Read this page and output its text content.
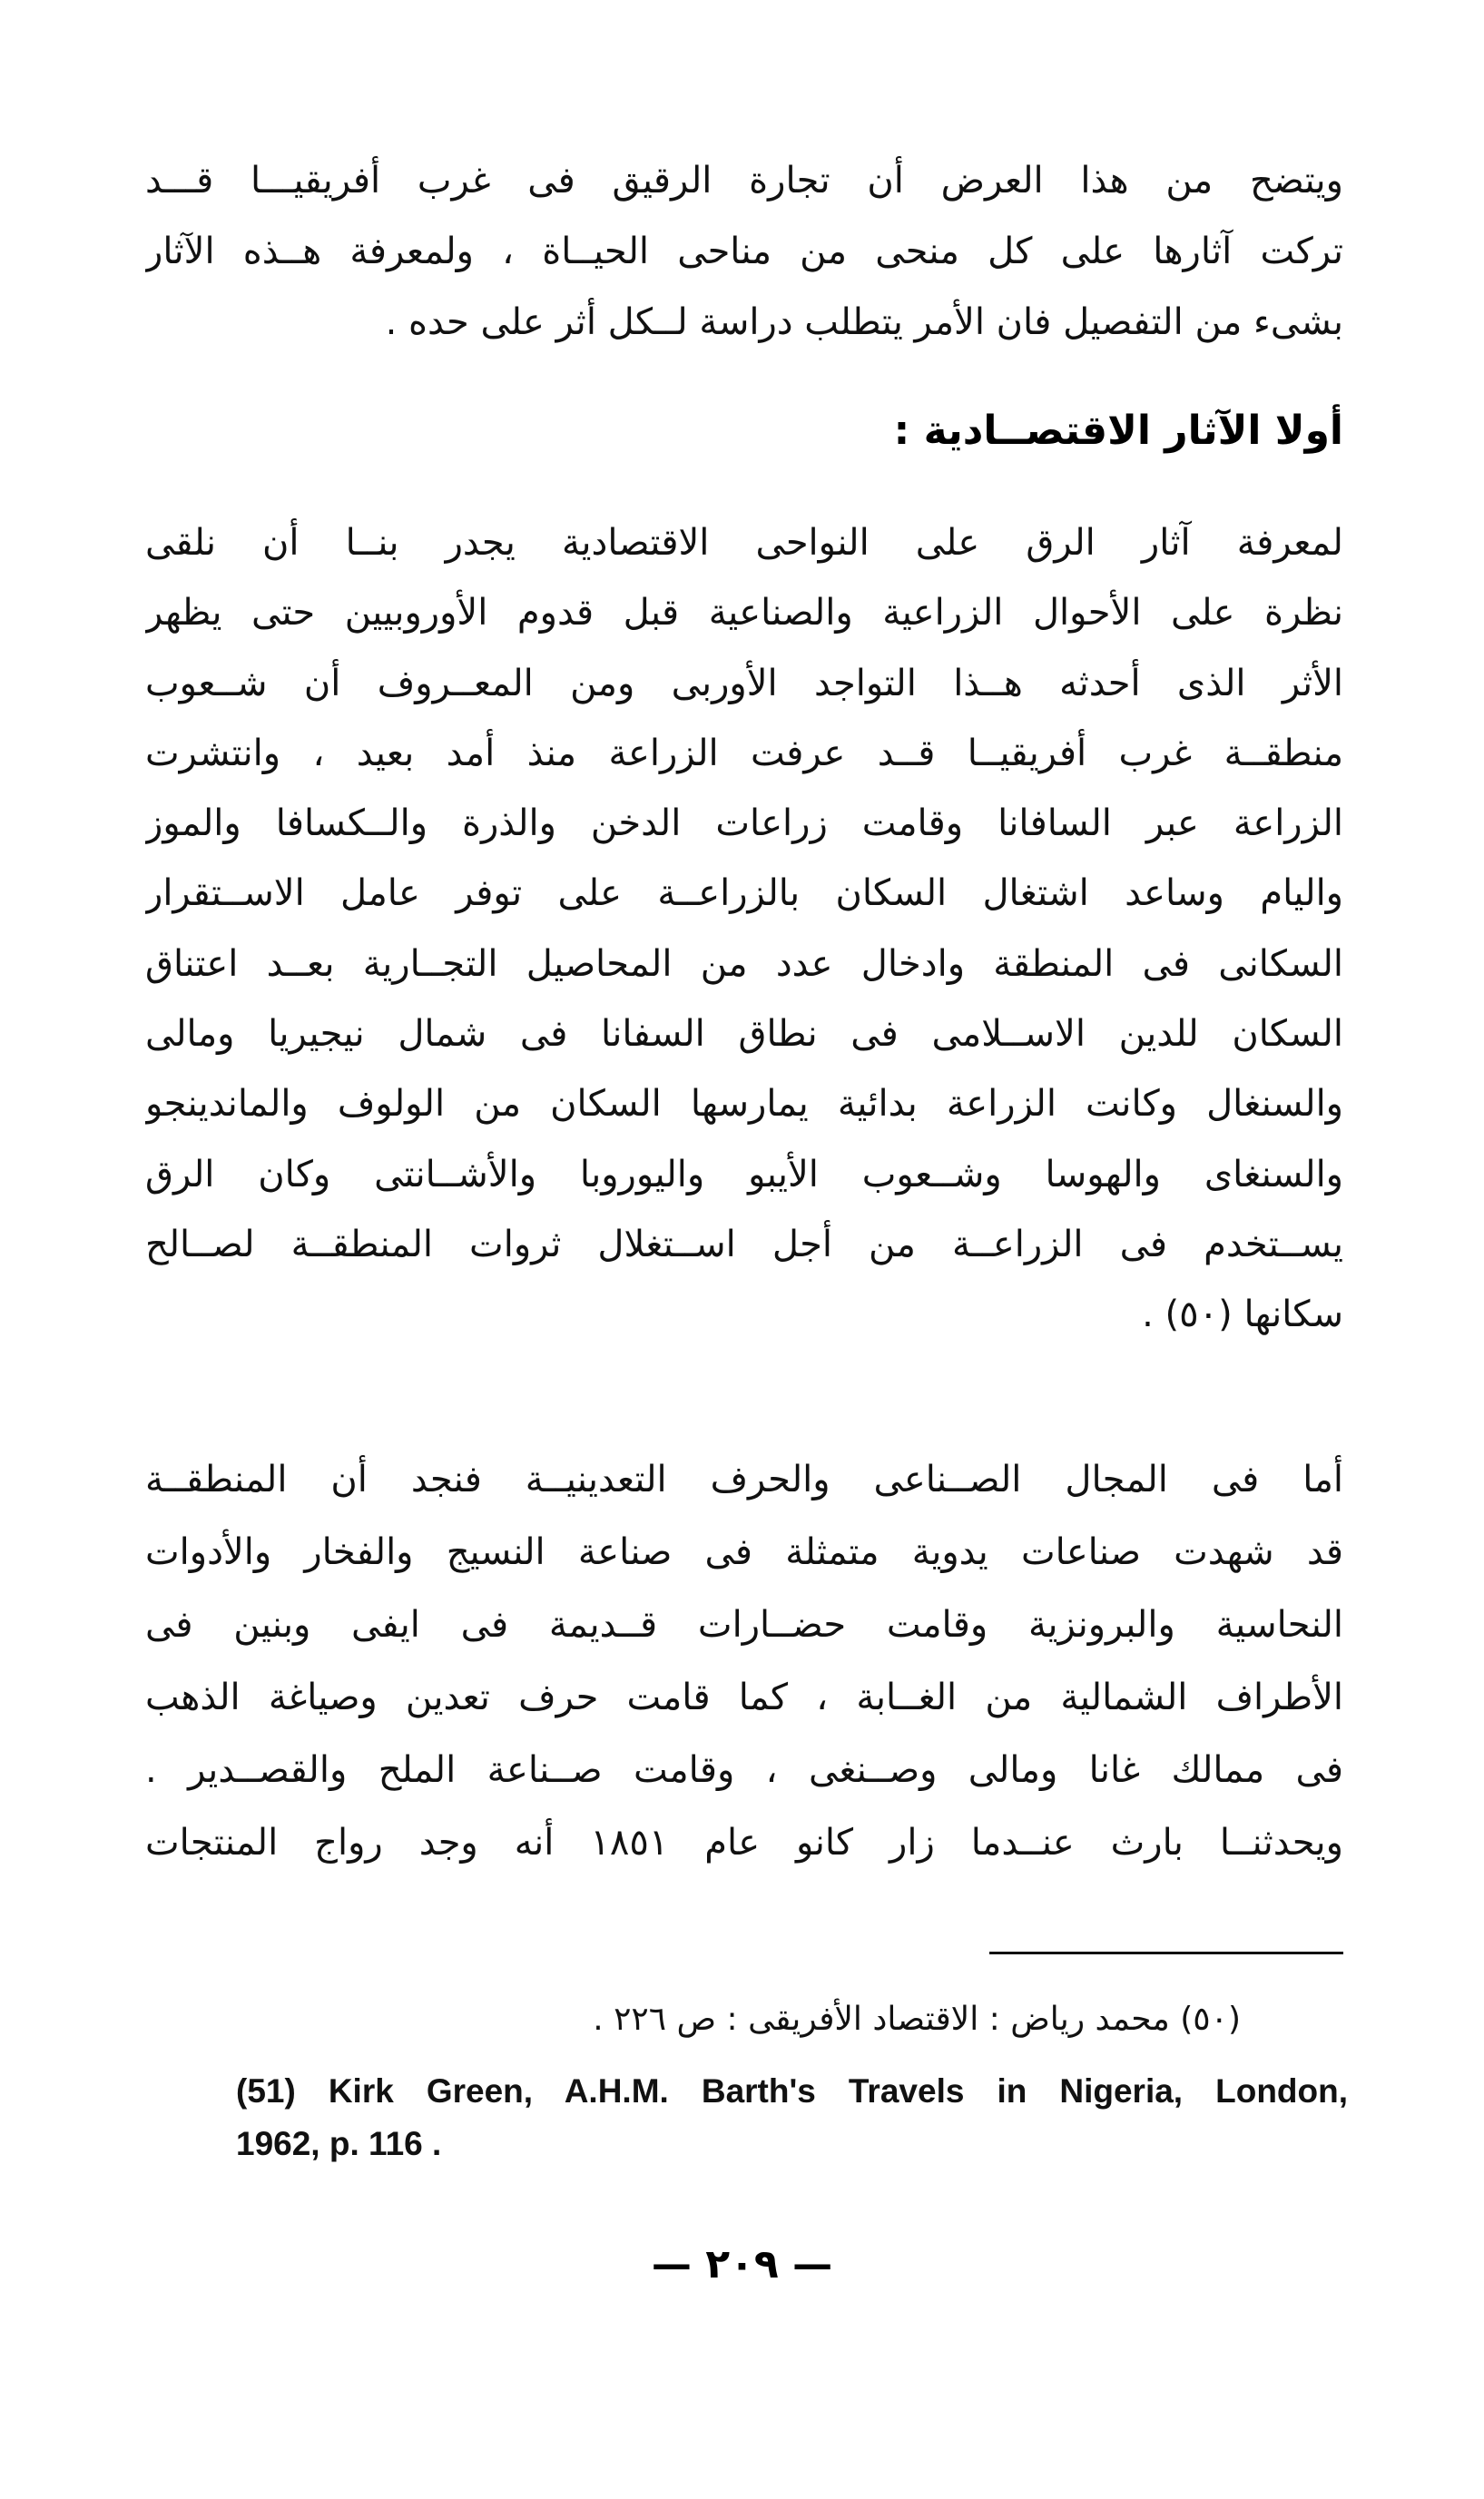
ويتضح من هذا العرض أن تجارة الرقيق فى غرب أفريقيـــا قـــد
تركت آثارها على كل منحى من مناحى الحيــاة ، ولمعرفة هــذه الآثار
بشىء من التفصيل فان الأمر يتطلب دراسة لــكل أثر على حده .
أولا الآثار الاقتصــادية :
لمعرفة آثار الرق على النواحى الاقتصادية يجدر بنــا أن نلقى
نظرة على الأحوال الزراعية والصناعية قبل قدوم الأوروبيين حتى يظهر
الأثر الذى أحدثه هــذا التواجد الأوربى ومن المعــروف أن شــعوب
منطقــة غرب أفريقيــا قــد عرفت الزراعة منذ أمد بعيد ، وانتشرت
الزراعة عبر السافانا وقامت زراعات الدخن والذرة والــكسافا والموز
واليام وساعد اشتغال السكان بالزراعــة على توفر عامل الاســتقرار
السكانى فى المنطقة وادخال عدد من المحاصيل التجــارية بعــد اعتناق
السكان للدين الاســلامى فى نطاق السفانا فى شمال نيجيريا ومالى
والسنغال وكانت الزراعة بدائية يمارسها السكان من الولوف والماندينجو
والسنغاى والهوسا وشــعوب الأيبو واليوروبا والأشــانتى وكان الرق
يســتخدم فى الزراعــة من أجل اســتغلال ثروات المنطقــة لصــالح
سكانها (٥٠) .
أما فى المجال الصــناعى والحرف التعدينيــة فنجد أن المنطقــة
قد شهدت صناعات يدوية متمثلة فى صناعة النسيج والفخار والأدوات
النحاسية والبرونزية وقامت حضــارات قــديمة فى ايفى وبنين فى
الأطراف الشمالية من الغــابة ، كما قامت حرف تعدين وصياغة الذهب
فى ممالك غانا ومالى وصــنغى ، وقامت صــناعة الملح والقصــدير .
ويحدثنــا بارث عنــدما زار كانو عام ١٨٥١ أنه وجد رواج المنتجات
(٥٠) محمد رياض : الاقتصاد الأفريقى : ص ٢٢٦ .
(51) Kirk Green, A.H.M. Barth's Travels in Nigeria, London,
1962, p. 116 .
— ٢٠٩ —
